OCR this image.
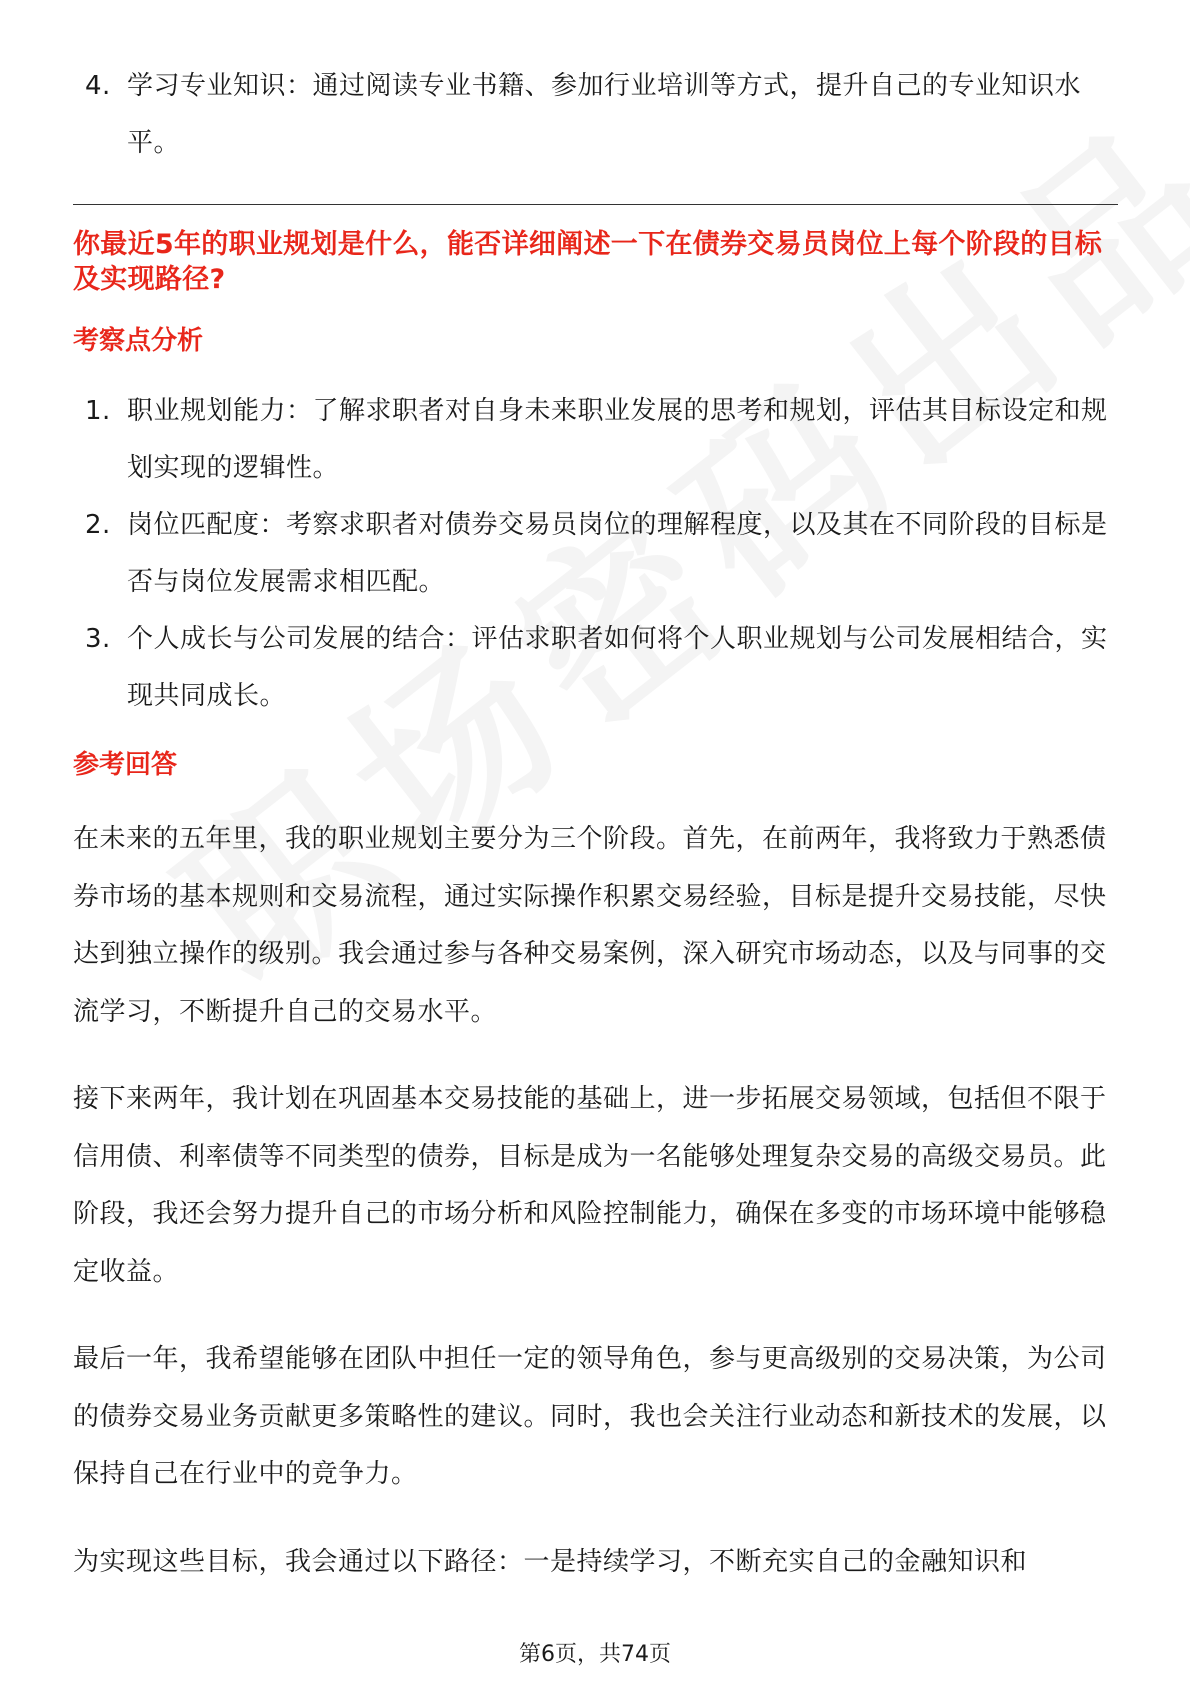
4. 学习专业知识：通过阅读专业书籍、参加行业培训等方式，提升自己的专业知识水平。
你最近5年的职业规划是什么，能否详细阐述一下在债券交易员岗位上每个阶段的目标及实现路径?
考察点分析
1. 职业规划能力：了解求职者对自身未来职业发展的思考和规划，评估其目标设定和规划实现的逻辑性。
2. 岗位匹配度：考察求职者对债券交易员岗位的理解程度，以及其在不同阶段的目标是否与岗位发展需求相匹配。
3. 个人成长与公司发展的结合：评估求职者如何将个人职业规划与公司发展相结合，实现共同成长。
参考回答

在未来的五年里，我的职业规划主要分为三个阶段。首先，在前两年，我将致力于熟悉债券市场的基本规则和交易流程，通过实际操作积累交易经验，目标是提升交易技能，尽快达到独立操作的级别。我会通过参与各种交易案例，深入研究市场动态，以及与同事的交流学习，不断提升自己的交易水平。

接下来两年，我计划在巩固基本交易技能的基础上，进一步拓展交易领域，包括但不限于信用债、利率债等不同类型的债券，目标是成为一名能够处理复杂交易的高级交易员。此阶段，我还会努力提升自己的市场分析和风险控制能力，确保在多变的市场环境中能够稳定收益。

最后一年，我希望能够在团队中担任一定的领导角色，参与更高级别的交易决策，为公司的债券交易业务贡献更多策略性的建议。同时，我也会关注行业动态和新技术的发展，以保持自己在行业中的竞争力。

为实现这些目标，我会通过以下路径：一是持续学习，不断充实自己的金融知识和

第6页，共74页
